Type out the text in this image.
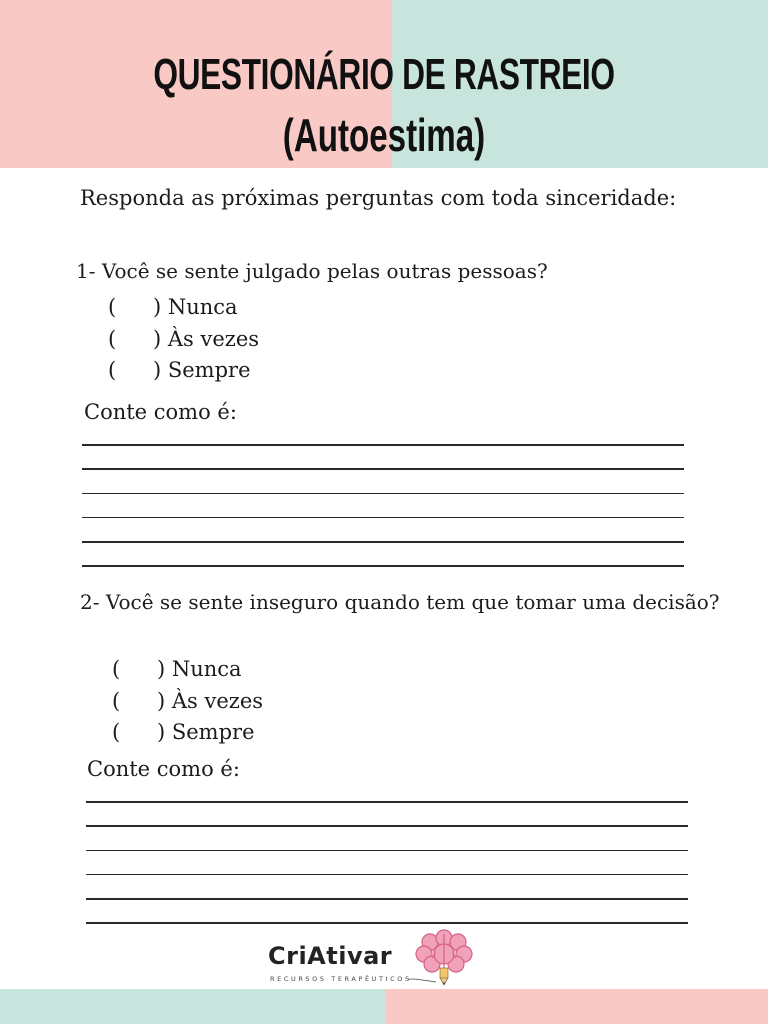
QUESTIONÁRIO DE RASTREIO
(Autoestima)
Responda as próximas perguntas com toda sinceridade:
1- Você se sente julgado pelas outras pessoas?
( ) Nunca
( ) Às vezes
( ) Sempre
Conte como é:
2- Você se sente inseguro quando tem que tomar uma decisão?
( ) Nunca
( ) Às vezes
( ) Sempre
Conte como é:
CriAtivar
RECURSOS TERAPÊUTICOS
